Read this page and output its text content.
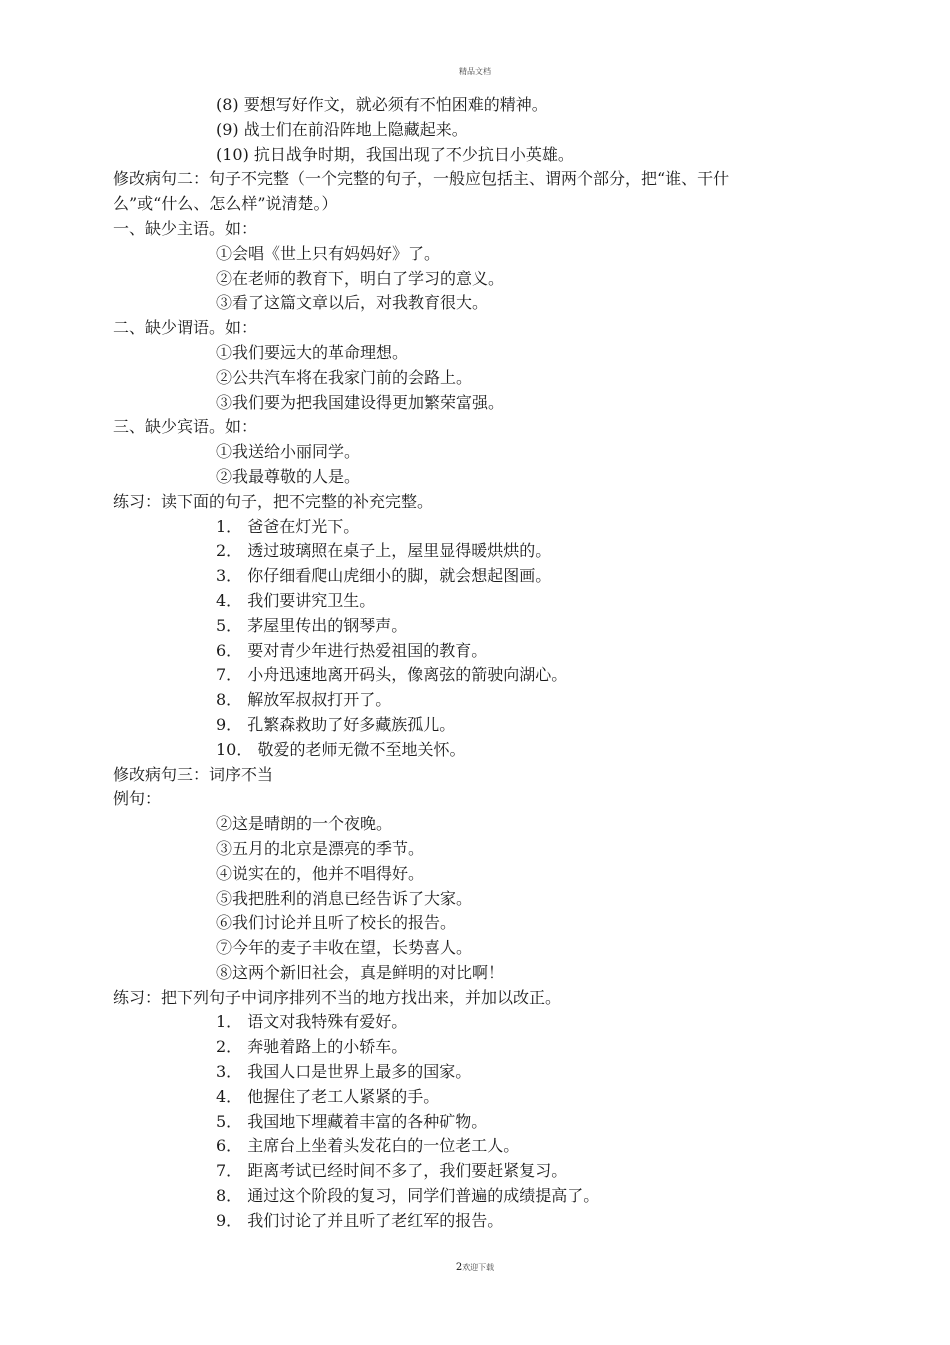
精品文档
(8) 要想写好作文，就必须有不怕困难的精神。
(9) 战士们在前沿阵地上隐藏起来。
(10) 抗日战争时期，我国出现了不少抗日小英雄。
修改病句二：句子不完整（一个完整的句子，一般应包括主、谓两个部分，把“谁、干什
么”或“什么、怎么样”说清楚。）
一、缺少主语。如：
①会唱《世上只有妈妈好》了。
②在老师的教育下，明白了学习的意义。
③看了这篇文章以后，对我教育很大。
二、缺少谓语。如：
①我们要远大的革命理想。
②公共汽车将在我家门前的会路上。
③我们要为把我国建设得更加繁荣富强。
三、缺少宾语。如：
①我送给小丽同学。
②我最尊敬的人是。
练习：读下面的句子，把不完整的补充完整。
1． 爸爸在灯光下。
2． 透过玻璃照在桌子上，屋里显得暖烘烘的。
3． 你仔细看爬山虎细小的脚，就会想起图画。
4． 我们要讲究卫生。
5． 茅屋里传出的钢琴声。
6． 要对青少年进行热爱祖国的教育。
7． 小舟迅速地离开码头，像离弦的箭驶向湖心。
8． 解放军叔叔打开了。
9． 孔繁森救助了好多藏族孤儿。
10． 敬爱的老师无微不至地关怀。
修改病句三：词序不当
例句：
②这是晴朗的一个夜晚。
③五月的北京是漂亮的季节。
④说实在的，他并不唱得好。
⑤我把胜利的消息已经告诉了大家。
⑥我们讨论并且听了校长的报告。
⑦今年的麦子丰收在望，长势喜人。
⑧这两个新旧社会，真是鲜明的对比啊！
练习：把下列句子中词序排列不当的地方找出来，并加以改正。
1． 语文对我特殊有爱好。
2． 奔驰着路上的小轿车。
3． 我国人口是世界上最多的国家。
4． 他握住了老工人紧紧的手。
5． 我国地下埋藏着丰富的各种矿物。
6． 主席台上坐着头发花白的一位老工人。
7． 距离考试已经时间不多了，我们要赶紧复习。
8． 通过这个阶段的复习，同学们普遍的成绩提高了。
9． 我们讨论了并且听了老红军的报告。
2欢迎下载
